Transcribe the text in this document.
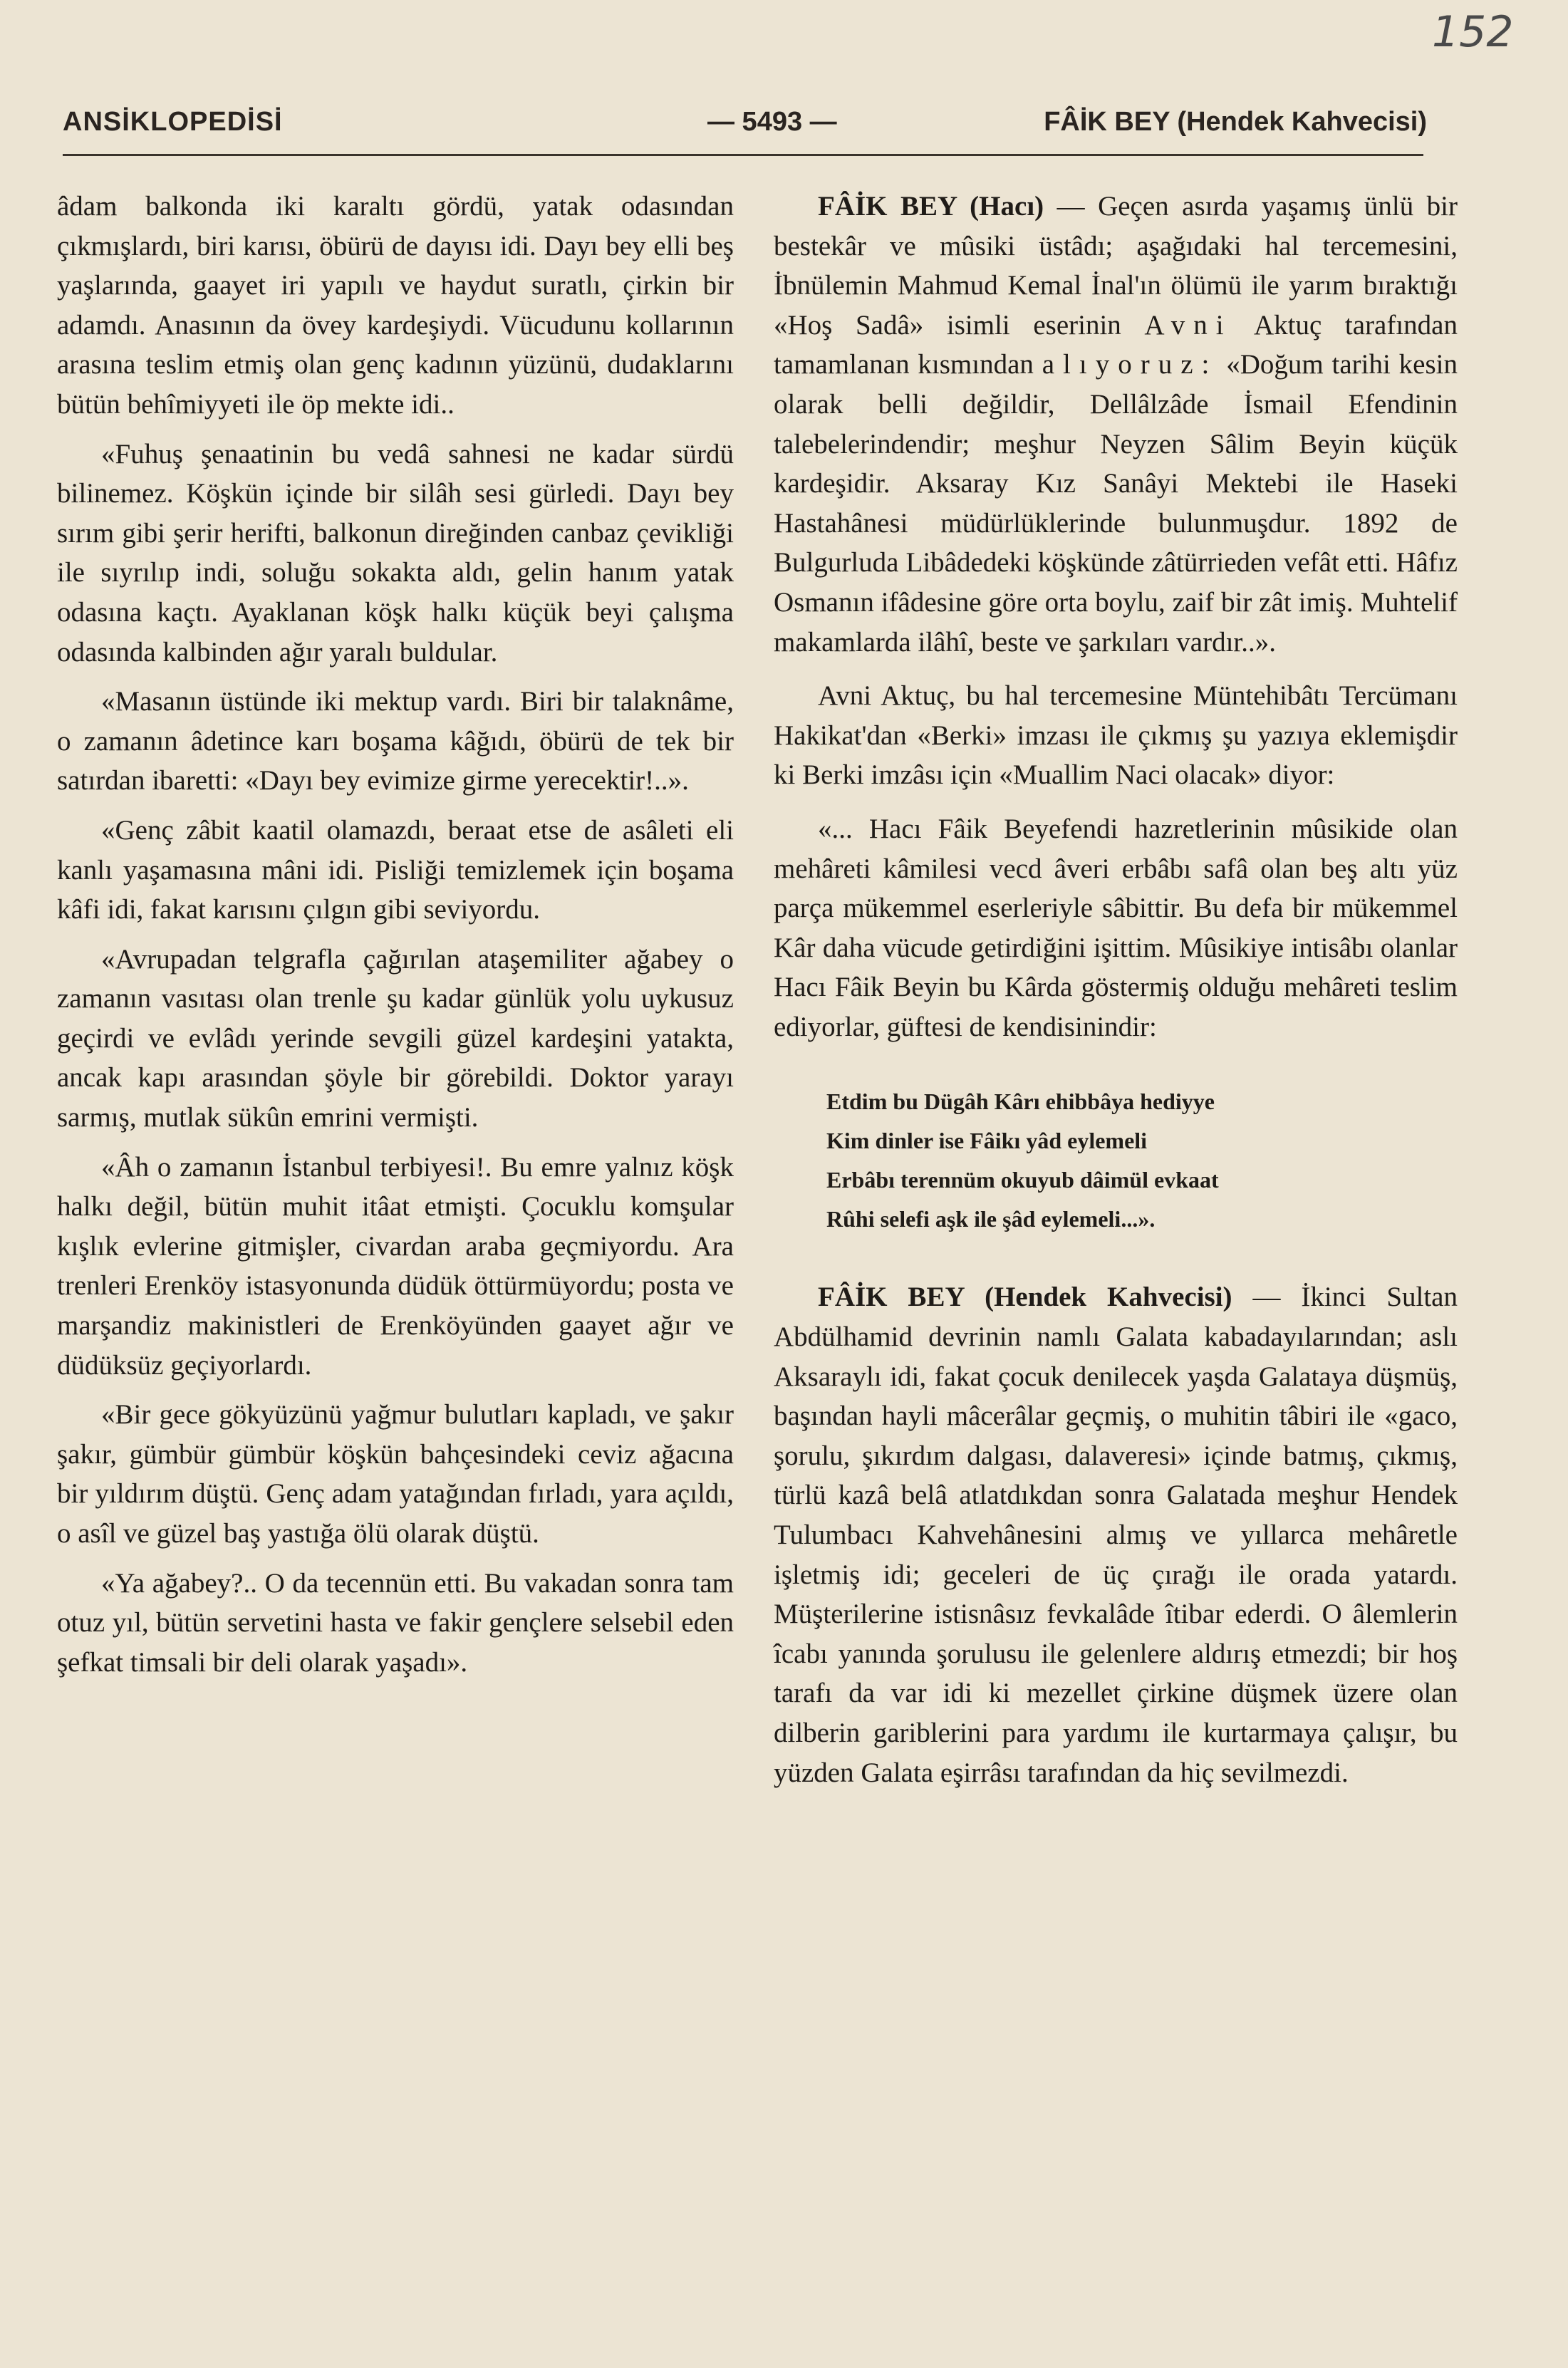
152
ANSİKLOPEDİSİ	— 5493 —	FÂİK BEY (Hendek Kahvecisi)

âdam balkonda iki karaltı gördü, yatak odasından çıkmışlardı, biri karısı, öbürü de dayısı idi. Dayı bey elli beş yaşlarında, gaayet iri yapılı ve haydut suratlı, çirkin bir adamdı. Anasının da övey kardeşiydi. Vücudunu kollarının arasına teslim etmiş olan genç kadının yüzünü, dudaklarını bütün behîmiyyeti ile öp mekte idi..

«Fuhuş şenaatinin bu vedâ sahnesi ne kadar sürdü bilinemez. Köşkün içinde bir silâh sesi gürledi. Dayı bey sırım gibi şerir herifti, balkonun direğinden canbaz çevikliği ile sıyrılıp indi, soluğu sokakta aldı, gelin hanım yatak odasına kaçtı. Ayaklanan köşk halkı küçük beyi çalışma odasında kalbinden ağır yaralı buldular.

«Masanın üstünde iki mektup vardı. Biri bir talaknâme, o zamanın âdetince karı boşama kâğıdı, öbürü de tek bir satırdan ibaretti: «Dayı bey evimize girme yerecektir!..».

«Genç zâbit kaatil olamazdı, beraat etse de asâleti eli kanlı yaşamasına mâni idi. Pisliği temizlemek için boşama kâfi idi, fakat karısını çılgın gibi seviyordu.

«Avrupadan telgrafla çağırılan ataşemiliter ağabey o zamanın vasıtası olan trenle şu kadar günlük yolu uykusuz geçirdi ve evlâdı yerinde sevgili güzel kardeşini yatakta, ancak kapı arasından şöyle bir görebildi. Doktor yarayı sarmış, mutlak sükûn emrini vermişti.

«Âh o zamanın İstanbul terbiyesi!. Bu emre yalnız köşk halkı değil, bütün muhit itâat etmişti. Çocuklu komşular kışlık evlerine gitmişler, civardan araba geçmiyordu. Ara trenleri Erenköy istasyonunda düdük öttürmüyordu; posta ve marşandiz makinistleri de Erenköyünden gaayet ağır ve düdüksüz geçiyorlardı.

«Bir gece gökyüzünü yağmur bulutları kapladı, ve şakır şakır, gümbür gümbür köşkün bahçesindeki ceviz ağacına bir yıldırım düştü. Genç adam yatağından fırladı, yara açıldı, o asîl ve güzel baş yastığa ölü olarak düştü.

«Ya ağabey?.. O da tecennün etti. Bu vakadan sonra tam otuz yıl, bütün servetini hasta ve fakir gençlere selsebil eden şefkat timsali bir deli olarak yaşadı».

FÂİK BEY (Hacı) — Geçen asırda yaşamış ünlü bir bestekâr ve mûsiki üstâdı; aşağıdaki hal tercemesini, İbnülemin Mahmud Kemal İnal'ın ölümü ile yarım bıraktığı «Hoş Sadâ» isimli eserinin Avni Aktuç tarafından tamamlanan kısmından alıyoruz: «Doğum tarihi kesin olarak belli değildir, Dellâlzâde İsmail Efendinin talebelerindendir; meşhur Neyzen Sâlim Beyin küçük kardeşidir. Aksaray Kız Sanâyi Mektebi ile Haseki Hastahânesi müdürlüklerinde bulunmuşdur. 1892 de Bulgurluda Libâdedeki köşkünde zâtürrieden vefât etti. Hâfız Osmanın ifâdesine göre orta boylu, zaif bir zât imiş. Muhtelif makamlarda ilâhî, beste ve şarkıları vardır..».

Avni Aktuç, bu hal tercemesine Müntehibâtı Tercümanı Hakikat'dan «Berki» imzası ile çıkmış şu yazıya eklemişdir ki Berki imzâsı için «Muallim Naci olacak» diyor:

«... Hacı Fâik Beyefendi hazretlerinin mûsikide olan mehâreti kâmilesi vecd âveri erbâbı safâ olan beş altı yüz parça mükemmel eserleriyle sâbittir. Bu defa bir mükemmel Kâr daha vücude getirdiğini işittim. Mûsikiye intisâbı olanlar Hacı Fâik Beyin bu Kârda göstermiş olduğu mehâreti teslim ediyorlar, güftesi de kendisinindir:

Etdim bu Dügâh Kârı ehibbâya hediyye
Kim dinler ise Fâikı yâd eylemeli
Erbâbı terennüm okuyub dâimül evkaat
Rûhi selefi aşk ile şâd eylemeli...».

FÂİK BEY (Hendek Kahvecisi) — İkinci Sultan Abdülhamid devrinin namlı Galata kabadayılarından; aslı Aksaraylı idi, fakat çocuk denilecek yaşda Galataya düşmüş, başından hayli mâcerâlar geçmiş, o muhitin tâbiri ile «gaco, şorulu, şıkırdım dalgası, dalaveresi» içinde batmış, çıkmış, türlü kazâ belâ atlatdıkdan sonra Galatada meşhur Hendek Tulumbacı Kahvehânesini almış ve yıllarca mehâretle işletmiş idi; geceleri de üç çırağı ile orada yatardı. Müşterilerine istisnâsız fevkalâde îtibar ederdi. O âlemlerin îcabı yanında şorulusu ile gelenlere aldırış etmezdi; bir hoş tarafı da var idi ki mezellet çirkine düşmek üzere olan dilberin gariblerini para yardımı ile kurtarmaya çalışır, bu yüzden Galata eşirrâsı tarafından da hiç sevilmezdi.
